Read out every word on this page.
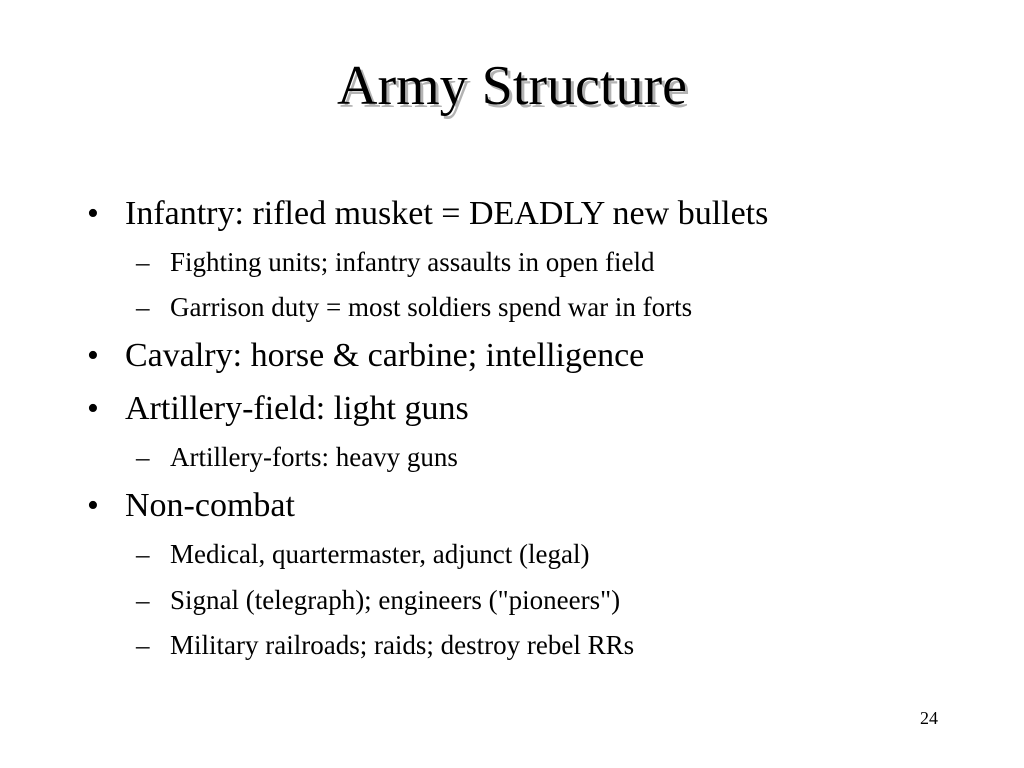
Army Structure
• Infantry: rifled musket = DEADLY new bullets
– Fighting units; infantry assaults in open field
– Garrison duty = most soldiers spend war in forts
• Cavalry: horse & carbine; intelligence
• Artillery-field: light guns
– Artillery-forts: heavy guns
• Non-combat
– Medical, quartermaster, adjunct (legal)
– Signal (telegraph); engineers ("pioneers")
– Military railroads; raids; destroy rebel RRs
24
